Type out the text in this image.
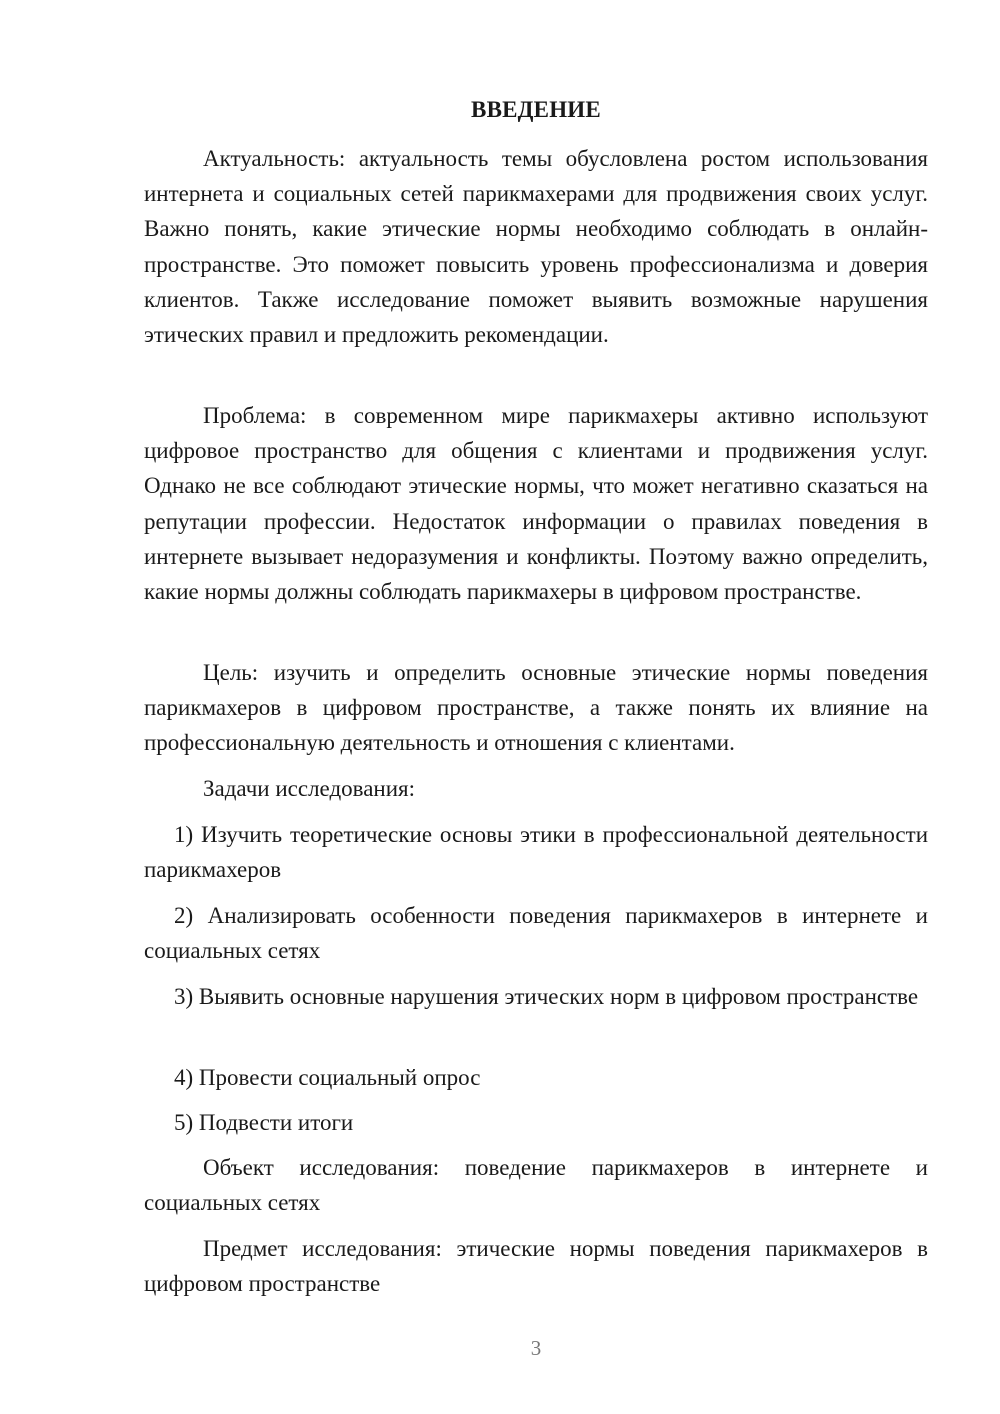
ВВЕДЕНИЕ

Актуальность: актуальность темы обусловлена ростом использования интернета и социальных сетей парикмахерами для продвижения своих услуг. Важно понять, какие этические нормы необходимо соблюдать в онлайн-пространстве. Это поможет повысить уровень профессионализма и доверия клиентов. Также исследование поможет выявить возможные нарушения этических правил и предложить рекомендации.

Проблема: в современном мире парикмахеры активно используют цифровое пространство для общения с клиентами и продвижения услуг. Однако не все соблюдают этические нормы, что может негативно сказаться на репутации профессии. Недостаток информации о правилах поведения в интернете вызывает недоразумения и конфликты. Поэтому важно определить, какие нормы должны соблюдать парикмахеры в цифровом пространстве.

Цель: изучить и определить основные этические нормы поведения парикмахеров в цифровом пространстве, а также понять их влияние на профессиональную деятельность и отношения с клиентами.

Задачи исследования:

1) Изучить теоретические основы этики в профессиональной деятельности парикмахеров

2) Анализировать особенности поведения парикмахеров в интернете и социальных сетях

3) Выявить основные нарушения этических норм в цифровом пространстве

4) Провести социальный опрос

5) Подвести итоги

Объект исследования: поведение парикмахеров в интернете и социальных сетях

Предмет исследования: этические нормы поведения парикмахеров в цифровом пространстве

3
